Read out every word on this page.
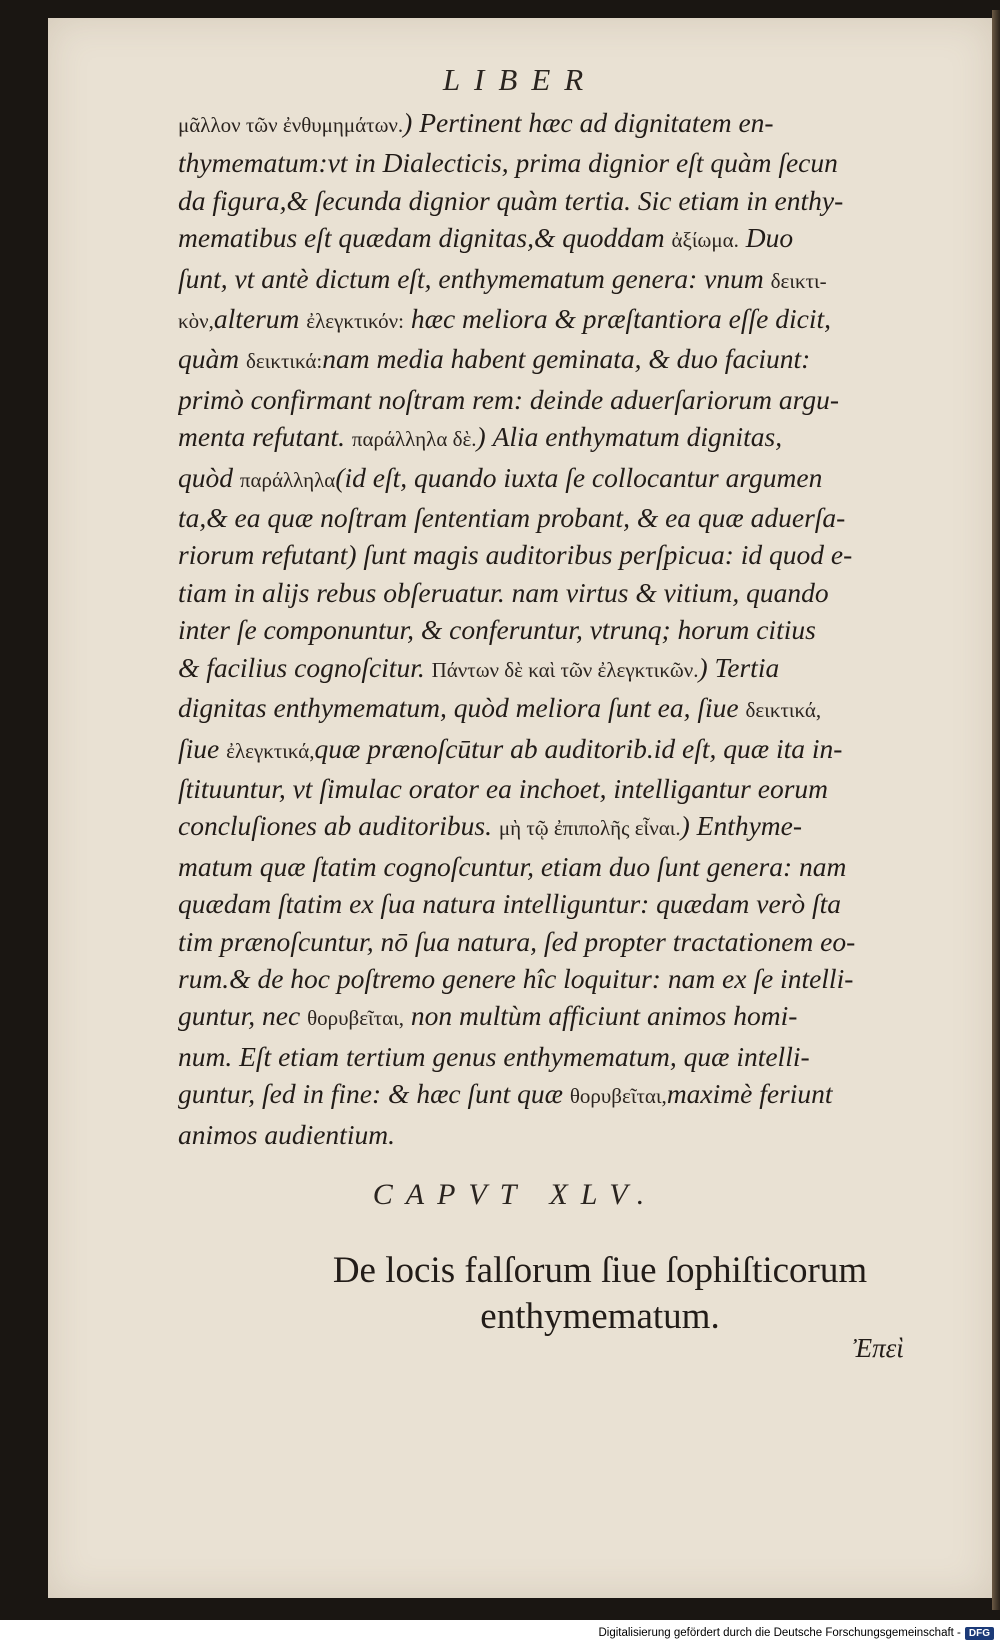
LIBER
μᾶλλον τῶν ἐνθυμημάτων.) Pertinent hæc ad dignitatem en-
thymematum:vt in Dialecticis, prima dignior eſt quàm ſecun
da figura,& ſecunda dignior quàm tertia. Sic etiam in enthy-
mematibus eſt quædam dignitas,& quoddam ἀξίωμα. Duo
ſunt, vt antè dictum eſt, enthymematum genera: vnum δεικτι-
κὸν,alterum ἐλεγκτικόν: hæc meliora & præſtantiora eſſe dicit,
quàm δεικτικά:nam media habent geminata, & duo faciunt:
primò confirmant noſtram rem: deinde aduerſariorum argu-
menta refutant. παράλληλα δὲ.) Alia enthymatum dignitas,
quòd παράλληλα(id eſt, quando iuxta ſe collocantur argumen
ta,& ea quæ noſtram ſententiam probant, & ea quæ aduerſa-
riorum refutant) ſunt magis auditoribus perſpicua: id quod e-
tiam in alijs rebus obſeruatur. nam virtus & vitium, quando
inter ſe componuntur, & conferuntur, vtrunq; horum citius
& facilius cognoſcitur. Πάντων δὲ καὶ τῶν ἐλεγκτικῶν.) Tertia
dignitas enthymematum, quòd meliora ſunt ea, ſiue δεικτικά,
ſiue ἐλεγκτικά,quæ prænoſcūtur ab auditorib.id eſt, quæ ita in-
ſtituuntur, vt ſimulac orator ea inchoet, intelligantur eorum
concluſiones ab auditoribus. μὴ τῷ ἐπιπολῆς εἶναι.) Enthyme-
matum quæ ſtatim cognoſcuntur, etiam duo ſunt genera: nam
quædam ſtatim ex ſua natura intelliguntur: quædam verò ſta
tim prænoſcuntur, nō ſua natura, ſed propter tractationem eo-
rum.& de hoc poſtremo genere hîc loquitur: nam ex ſe intelli-
guntur, nec θορυβεῖται, non multùm afficiunt animos homi-
num. Eſt etiam tertium genus enthymematum, quæ intelli-
guntur, ſed in fine: & hæc ſunt quæ θορυβεῖται,maximè feriunt
animos audientium.
CAPVT XLV.
De locis falſorum ſiue ſophiſticorum
enthymematum.
Ἐπεὶ
Digitalisierung gefördert durch die Deutsche Forschungsgemeinschaft - DFG
